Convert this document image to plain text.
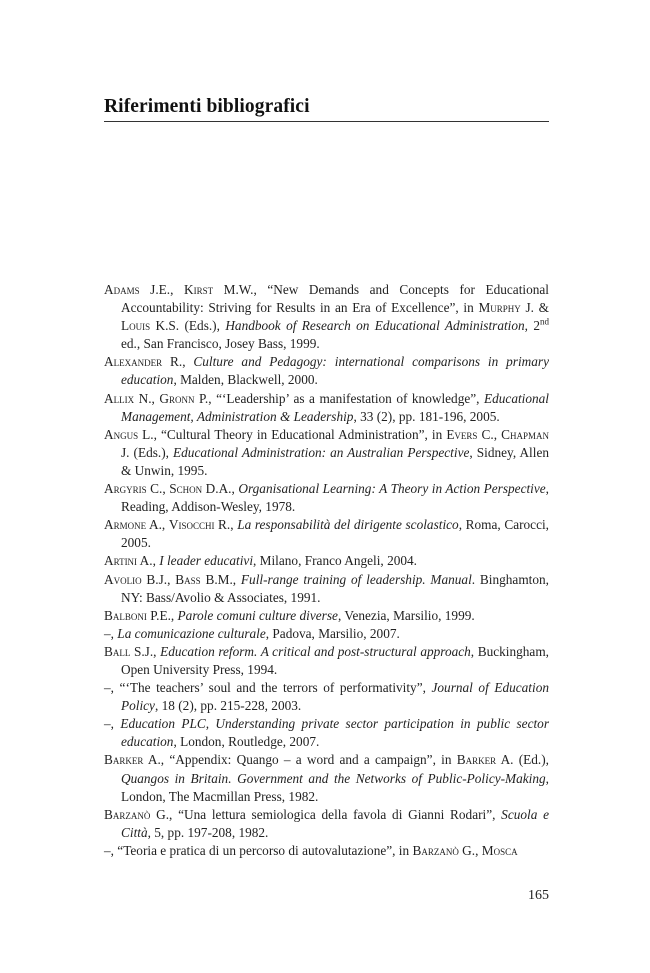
Riferimenti bibliografici

Adams J.E., Kirst M.W., “New Demands and Concepts for Educational Accountability: Striving for Results in an Era of Excellence”, in Murphy J. & Louis K.S. (Eds.), Handbook of Research on Educational Administration, 2nd ed., San Francisco, Josey Bass, 1999.

Alexander R., Culture and Pedagogy: international comparisons in primary education, Malden, Blackwell, 2000.

Allix N., Gronn P., “‘Leadership’ as a manifestation of knowledge”, Educational Management, Administration & Leadership, 33 (2), pp. 181-196, 2005.

Angus L., “Cultural Theory in Educational Administration”, in Evers C., Chapman J. (Eds.), Educational Administration: an Australian Perspective, Sidney, Allen & Unwin, 1995.

Argyris C., Schon D.A., Organisational Learning: A Theory in Action Perspective, Reading, Addison-Wesley, 1978.

Armone A., Visocchi R., La responsabilità del dirigente scolastico, Roma, Carocci, 2005.

Artini A., I leader educativi, Milano, Franco Angeli, 2004.

Avolio B.J., Bass B.M., Full-range training of leadership. Manual. Binghamton, NY: Bass/Avolio & Associates, 1991.

Balboni P.E., Parole comuni culture diverse, Venezia, Marsilio, 1999.

–, La comunicazione culturale, Padova, Marsilio, 2007.

Ball S.J., Education reform. A critical and post-structural approach, Buckingham, Open University Press, 1994.

–, “‘The teachers’ soul and the terrors of performativity”, Journal of Education Policy, 18 (2), pp. 215-228, 2003.

–, Education PLC, Understanding private sector participation in public sector education, London, Routledge, 2007.

Barker A., “Appendix: Quango – a word and a campaign”, in Barker A. (Ed.), Quangos in Britain. Government and the Networks of Public-Policy-Making, London, The Macmillan Press, 1982.

Barzanò G., “Una lettura semiologica della favola di Gianni Rodari”, Scuola e Città, 5, pp. 197-208, 1982.

–, “Teoria e pratica di un percorso di autovalutazione”, in Barzanò G., Mosca

165
